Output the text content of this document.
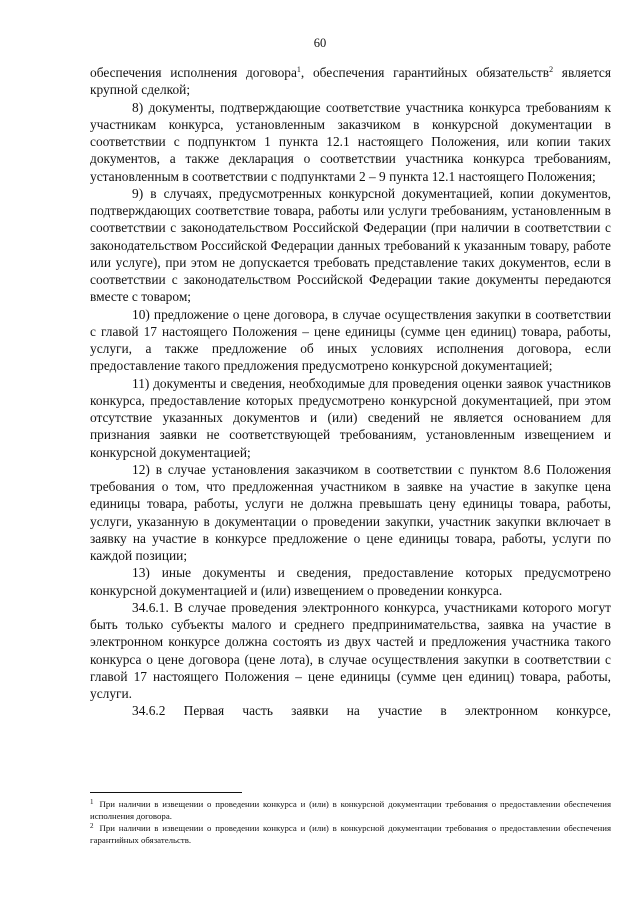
60

обеспечения исполнения договора$^1$, обеспечения гарантийных обязательств$^2$ является крупной сделкой;

8) документы, подтверждающие соответствие участника конкурса требованиям к участникам конкурса, установленным заказчиком в конкурсной документации в соответствии с подпунктом 1 пункта 12.1 настоящего Положения, или копии таких документов, а также декларация о соответствии участника конкурса требованиям, установленным в соответствии с подпунктами 2 – 9 пункта 12.1 настоящего Положения;

9) в случаях, предусмотренных конкурсной документацией, копии документов, подтверждающих соответствие товара, работы или услуги требованиям, установленным в соответствии с законодательством Российской Федерации (при наличии в соответствии с законодательством Российской Федерации данных требований к указанным товару, работе или услуге), при этом не допускается требовать представление таких документов, если в соответствии с законодательством Российской Федерации такие документы передаются вместе с товаром;

10) предложение о цене договора, в случае осуществления закупки в соответствии с главой 17 настоящего Положения – цене единицы (сумме цен единиц) товара, работы, услуги, а также предложение об иных условиях исполнения договора, если предоставление такого предложения предусмотрено конкурсной документацией;

11) документы и сведения, необходимые для проведения оценки заявок участников конкурса, предоставление которых предусмотрено конкурсной документацией, при этом отсутствие указанных документов и (или) сведений не является основанием для признания заявки не соответствующей требованиям, установленным извещением и конкурсной документацией;

12) в случае установления заказчиком в соответствии с пунктом 8.6 Положения требования о том, что предложенная участником в заявке на участие в закупке цена единицы товара, работы, услуги не должна превышать цену единицы товара, работы, услуги, указанную в документации о проведении закупки, участник закупки включает в заявку на участие в конкурсе предложение о цене единицы товара, работы, услуги по каждой позиции;

13) иные документы и сведения, предоставление которых предусмотрено конкурсной документацией и (или) извещением о проведении конкурса.

34.6.1. В случае проведения электронного конкурса, участниками которого могут быть только субъекты малого и среднего предпринимательства, заявка на участие в электронном конкурсе должна состоять из двух частей и предложения участника такого конкурса о цене договора (цене лота), в случае осуществления закупки в соответствии с главой 17 настоящего Положения – цене единицы (сумме цен единиц) товара, работы, услуги.

34.6.2 Первая часть заявки на участие в электронном конкурсе,

$^1$ При наличии в извещении о проведении конкурса и (или) в конкурсной документации требования о предоставлении обеспечения исполнения договора.

$^2$ При наличии в извещении о проведении конкурса и (или) в конкурсной документации требования о предоставлении обеспечения гарантийных обязательств.
